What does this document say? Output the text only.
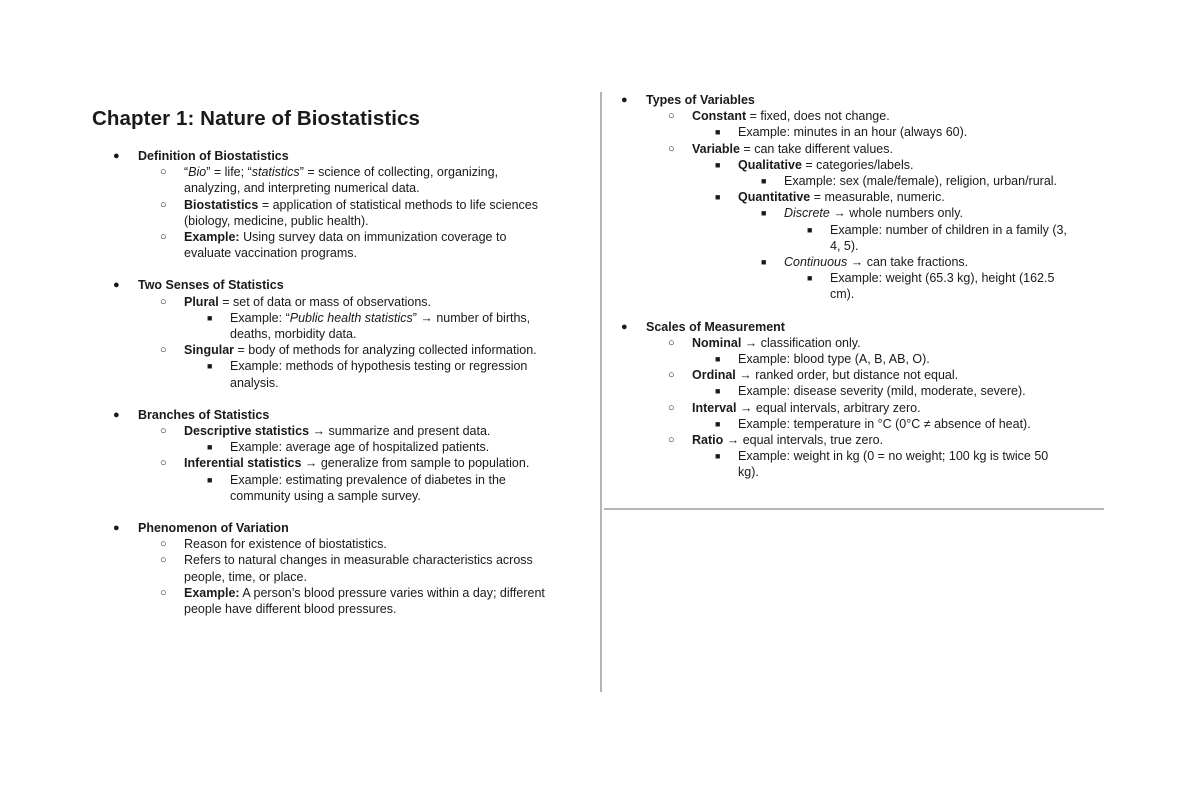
Chapter 1: Nature of Biostatistics
● Definition of Biostatistics
○ “Bio” = life; “statistics” = science of collecting, organizing,
analyzing, and interpreting numerical data.
○ Biostatistics = application of statistical methods to life sciences
(biology, medicine, public health).
○ Example: Using survey data on immunization coverage to
evaluate vaccination programs.
● Two Senses of Statistics
○ Plural = set of data or mass of observations.
■ Example: “Public health statistics” → number of births,
deaths, morbidity data.
○ Singular = body of methods for analyzing collected information.
■ Example: methods of hypothesis testing or regression
analysis.
● Branches of Statistics
○ Descriptive statistics → summarize and present data.
■ Example: average age of hospitalized patients.
○ Inferential statistics → generalize from sample to population.
■ Example: estimating prevalence of diabetes in the
community using a sample survey.
● Phenomenon of Variation
○ Reason for existence of biostatistics.
○ Refers to natural changes in measurable characteristics across
people, time, or place.
○ Example: A person’s blood pressure varies within a day; different
people have different blood pressures.
● Types of Variables
○ Constant = fixed, does not change.
■ Example: minutes in an hour (always 60).
○ Variable = can take different values.
■ Qualitative = categories/labels.
■ Example: sex (male/female), religion, urban/rural.
■ Quantitative = measurable, numeric.
■ Discrete → whole numbers only.
■ Example: number of children in a family (3,
4, 5).
■ Continuous → can take fractions.
■ Example: weight (65.3 kg), height (162.5
cm).
● Scales of Measurement
○ Nominal → classification only.
■ Example: blood type (A, B, AB, O).
○ Ordinal → ranked order, but distance not equal.
■ Example: disease severity (mild, moderate, severe).
○ Interval → equal intervals, arbitrary zero.
■ Example: temperature in °C (0°C ≠ absence of heat).
○ Ratio → equal intervals, true zero.
■ Example: weight in kg (0 = no weight; 100 kg is twice 50
kg).
